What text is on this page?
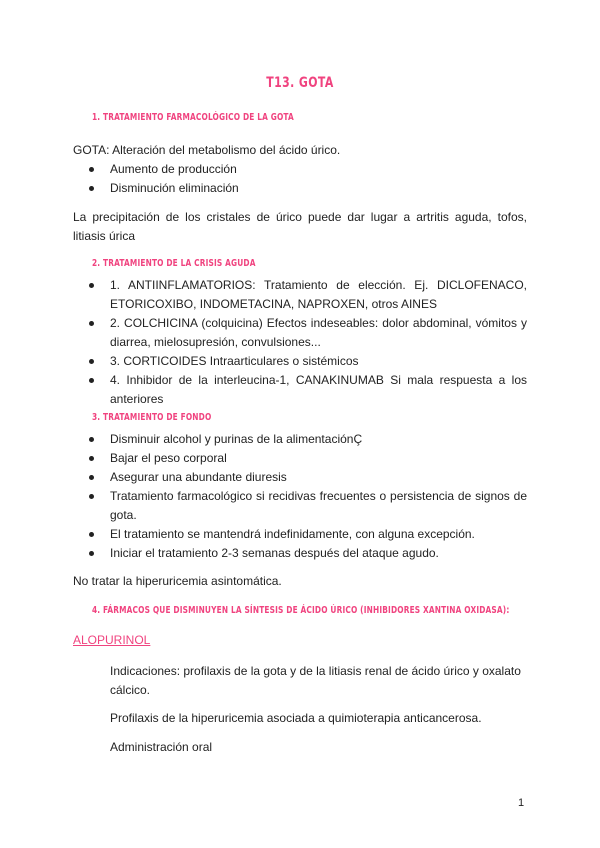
T13. GOTA
1. TRATAMIENTO FARMACOLÓGICO DE LA GOTA
GOTA: Alteración del metabolismo del ácido úrico.
Aumento de producción
Disminución eliminación
La precipitación de los cristales de úrico puede dar lugar a artritis aguda, tofos, litiasis úrica
2. TRATAMIENTO DE LA CRISIS AGUDA
1. ANTIINFLAMATORIOS: Tratamiento de elección. Ej. DICLOFENACO, ETORICOXIBO, INDOMETACINA, NAPROXEN, otros AINES
2. COLCHICINA (colquicina) Efectos indeseables: dolor abdominal, vómitos y diarrea, mielosupresión, convulsiones...
3. CORTICOIDES Intraarticulares o sistémicos
4. Inhibidor de la interleucina-1, CANAKINUMAB Si mala respuesta a los anteriores
3. TRATAMIENTO DE FONDO
Disminuir alcohol y purinas de la alimentaciónÇ
Bajar el peso corporal
Asegurar una abundante diuresis
Tratamiento farmacológico si recidivas frecuentes o persistencia de signos de gota.
El tratamiento se mantendrá indefinidamente, con alguna excepción.
Iniciar el tratamiento 2-3 semanas después del ataque agudo.
No tratar la hiperuricemia asintomática.
4. FÁRMACOS QUE DISMINUYEN LA SÍNTESIS DE ÁCIDO ÚRICO (INHIBIDORES XANTINA OXIDASA):
ALOPURINOL
Indicaciones: profilaxis de la gota y de la litiasis renal de ácido úrico y oxalato cálcico.
Profilaxis de la hiperuricemia asociada a quimioterapia anticancerosa.
Administración oral
1
